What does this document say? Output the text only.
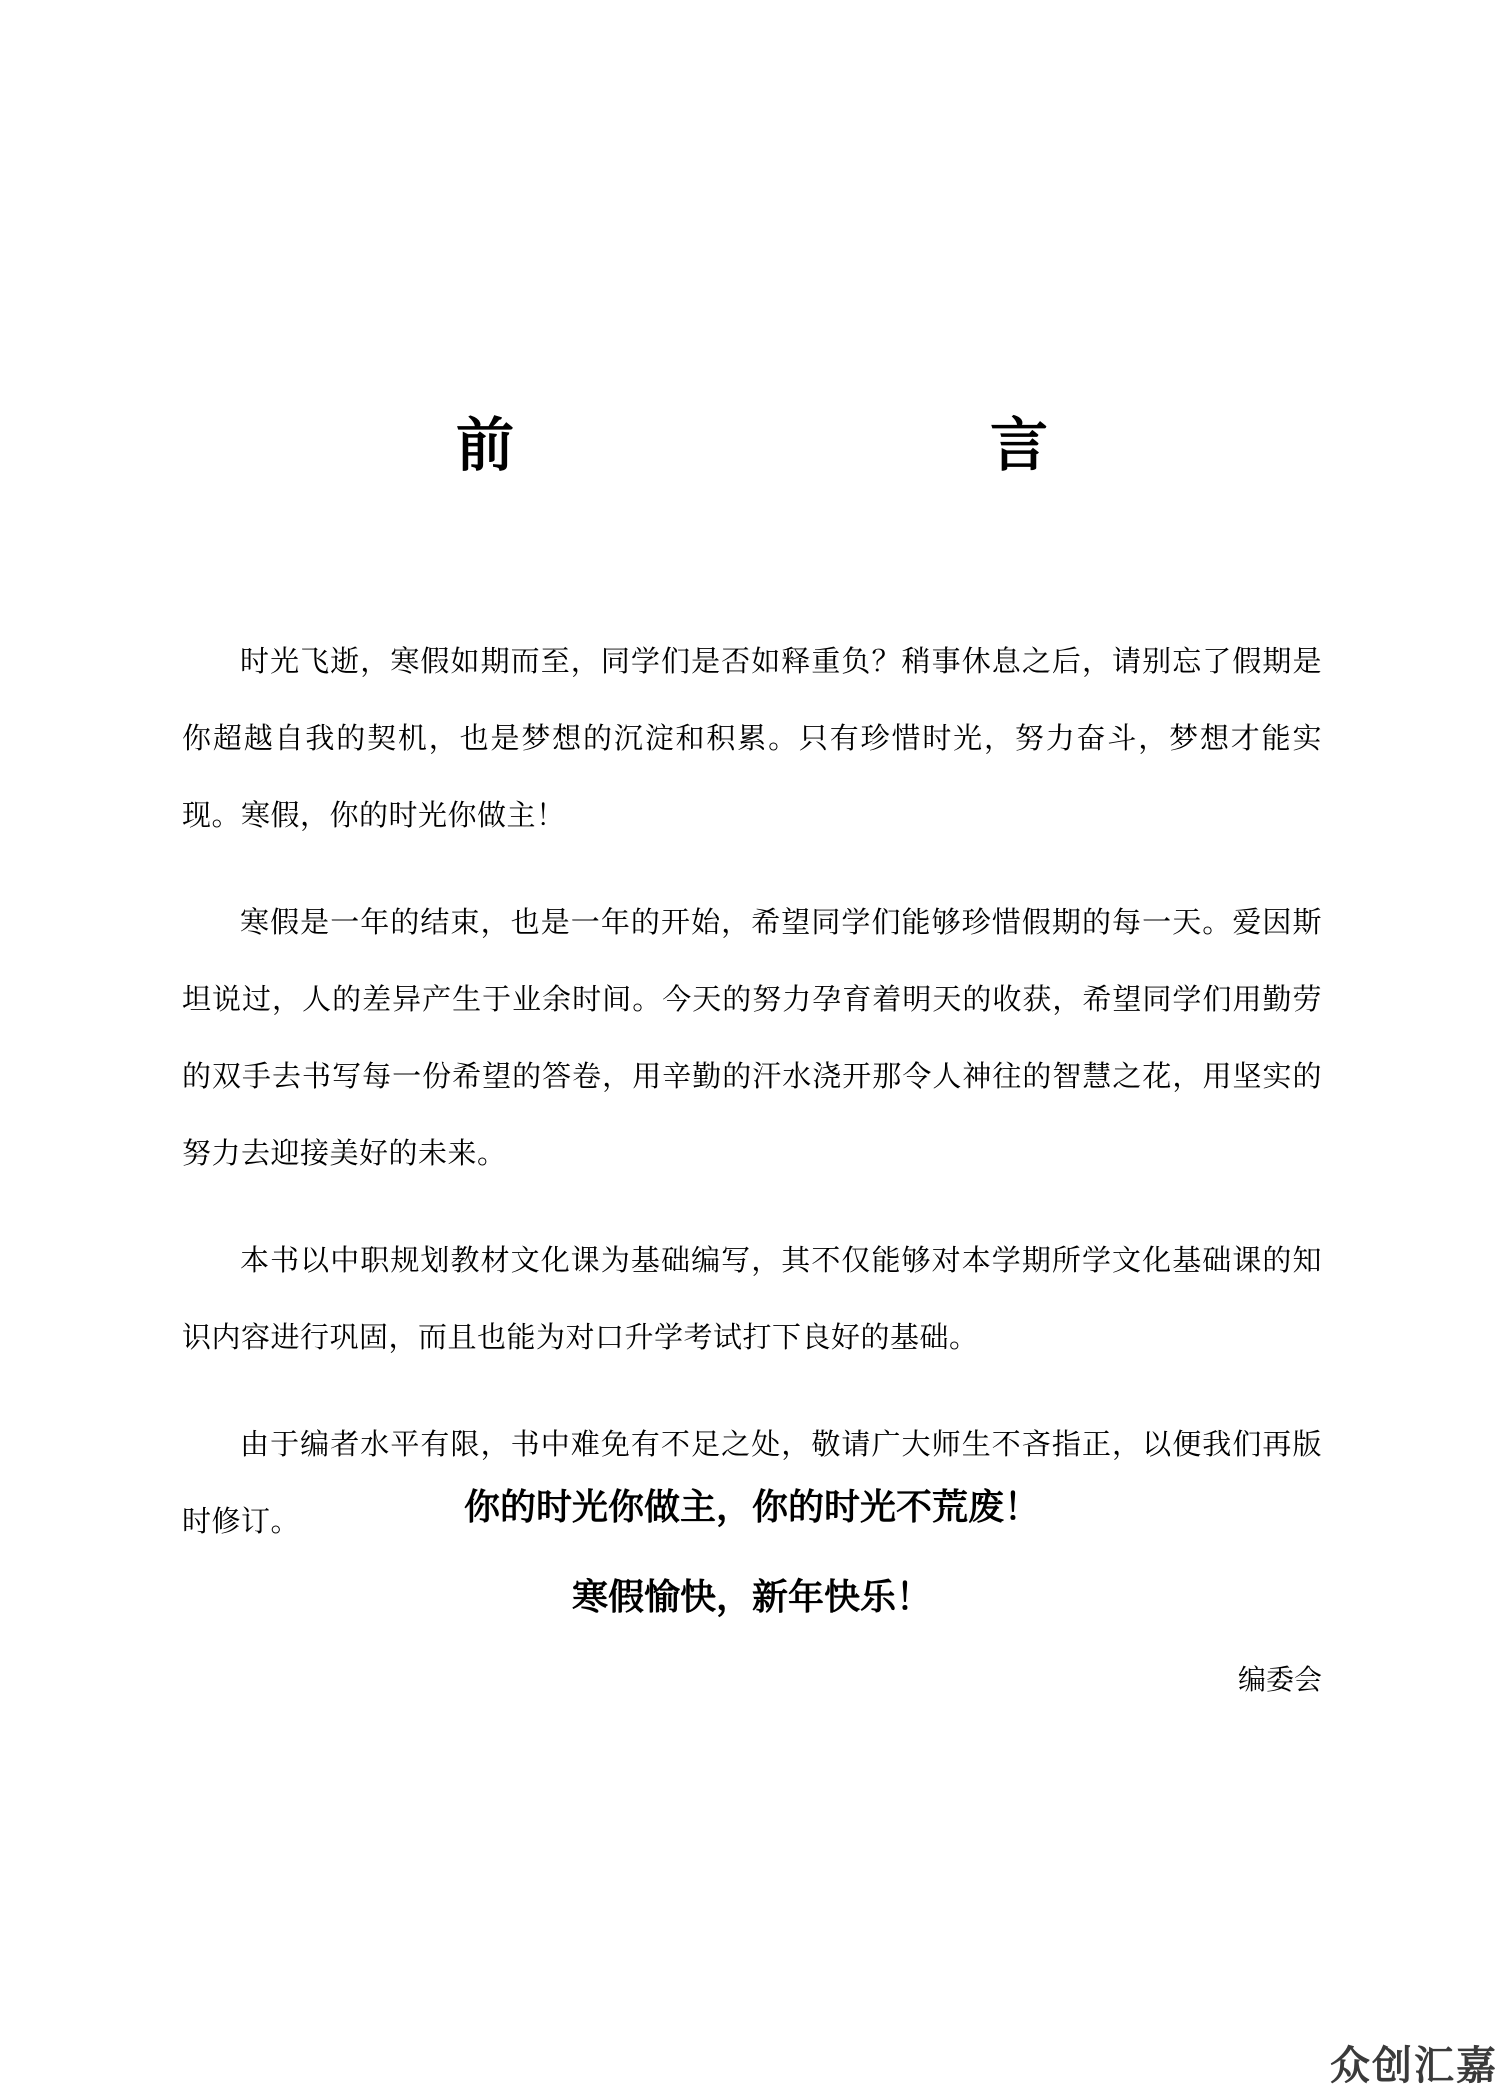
前　　言

时光飞逝，寒假如期而至，同学们是否如释重负？稍事休息之后，请别忘了假期是你超越自我的契机，也是梦想的沉淀和积累。只有珍惜时光，努力奋斗，梦想才能实现。寒假，你的时光你做主！

寒假是一年的结束，也是一年的开始，希望同学们能够珍惜假期的每一天。爱因斯坦说过，人的差异产生于业余时间。今天的努力孕育着明天的收获，希望同学们用勤劳的双手去书写每一份希望的答卷，用辛勤的汗水浇开那令人神往的智慧之花，用坚实的努力去迎接美好的未来。

本书以中职规划教材文化课为基础编写，其不仅能够对本学期所学文化基础课的知识内容进行巩固，而且也能为对口升学考试打下良好的基础。

由于编者水平有限，书中难免有不足之处，敬请广大师生不吝指正，以便我们再版时修订。	你的时光你做主，你的时光不荒废！
寒假愉快，新年快乐！
编委会
众创汇嘉
